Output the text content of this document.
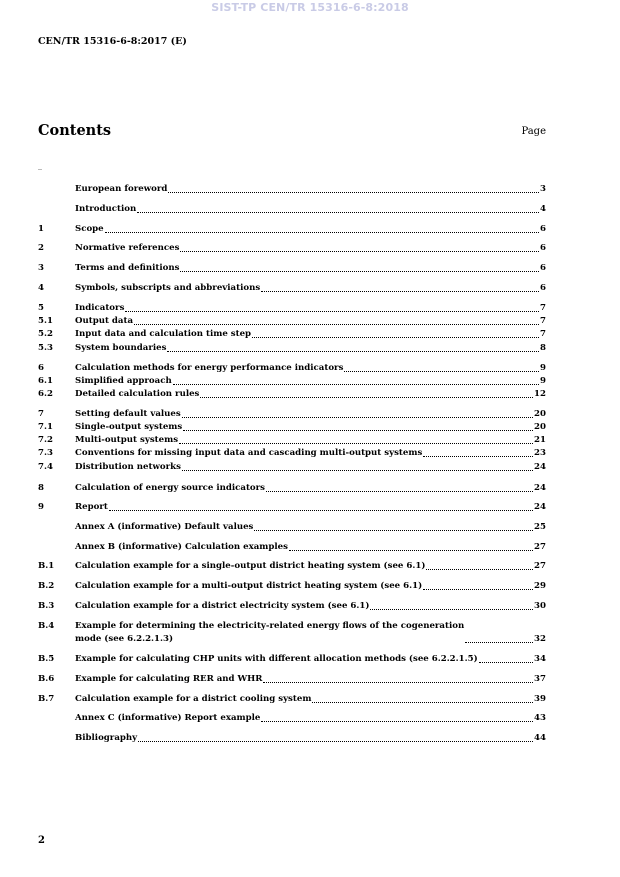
SIST-TP CEN/TR 15316-6-8:2018
CEN/TR 15316-6-8:2017 (E)
Contents	Page
European foreword	3
Introduction	4
1	Scope	6
2	Normative references	6
3	Terms and definitions	6
4	Symbols, subscripts and abbreviations	6
5	Indicators	7
5.1	Output data	7
5.2	Input data and calculation time step	7
5.3	System boundaries	8
6	Calculation methods for energy performance indicators	9
6.1	Simplified approach	9
6.2	Detailed calculation rules	12
7	Setting default values	20
7.1	Single-output systems	20
7.2	Multi-output systems	21
7.3	Conventions for missing input data and cascading multi-output systems	23
7.4	Distribution networks	24
8	Calculation of energy source indicators	24
9	Report	24
Annex A (informative) Default values	25
Annex B (informative) Calculation examples	27
B.1	Calculation example for a single-output district heating system (see 6.1)	27
B.2	Calculation example for a multi-output district heating system (see 6.1)	29
B.3	Calculation example for a district electricity system (see 6.1)	30
B.4	Example for determining the electricity-related energy flows of the cogeneration
mode (see 6.2.2.1.3)	32
B.5	Example for calculating CHP units with different allocation methods (see 6.2.2.1.5)	34
B.6	Example for calculating RER and WHR	37
B.7	Calculation example for a district cooling system	39
Annex C (informative) Report example	43
Bibliography	44
2
